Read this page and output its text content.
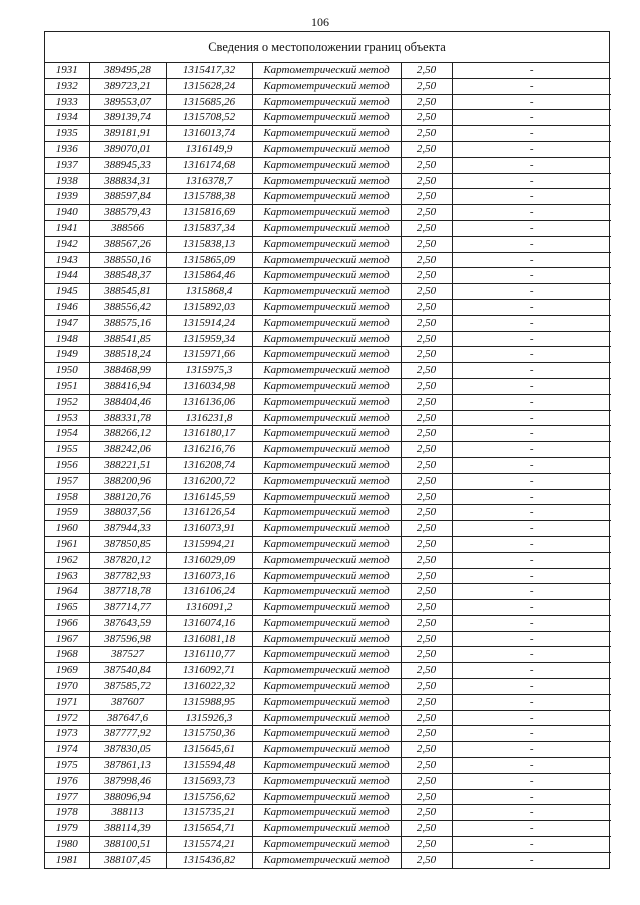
106
Сведения о местоположении границ объекта
1931	389495,28	1315417,32	Картометрический метод	2,50	-
1932	389723,21	1315628,24	Картометрический метод	2,50	-
1933	389553,07	1315685,26	Картометрический метод	2,50	-
1934	389139,74	1315708,52	Картометрический метод	2,50	-
1935	389181,91	1316013,74	Картометрический метод	2,50	-
1936	389070,01	1316149,9	Картометрический метод	2,50	-
1937	388945,33	1316174,68	Картометрический метод	2,50	-
1938	388834,31	1316378,7	Картометрический метод	2,50	-
1939	388597,84	1315788,38	Картометрический метод	2,50	-
1940	388579,43	1315816,69	Картометрический метод	2,50	-
1941	388566	1315837,34	Картометрический метод	2,50	-
1942	388567,26	1315838,13	Картометрический метод	2,50	-
1943	388550,16	1315865,09	Картометрический метод	2,50	-
1944	388548,37	1315864,46	Картометрический метод	2,50	-
1945	388545,81	1315868,4	Картометрический метод	2,50	-
1946	388556,42	1315892,03	Картометрический метод	2,50	-
1947	388575,16	1315914,24	Картометрический метод	2,50	-
1948	388541,85	1315959,34	Картометрический метод	2,50	-
1949	388518,24	1315971,66	Картометрический метод	2,50	-
1950	388468,99	1315975,3	Картометрический метод	2,50	-
1951	388416,94	1316034,98	Картометрический метод	2,50	-
1952	388404,46	1316136,06	Картометрический метод	2,50	-
1953	388331,78	1316231,8	Картометрический метод	2,50	-
1954	388266,12	1316180,17	Картометрический метод	2,50	-
1955	388242,06	1316216,76	Картометрический метод	2,50	-
1956	388221,51	1316208,74	Картометрический метод	2,50	-
1957	388200,96	1316200,72	Картометрический метод	2,50	-
1958	388120,76	1316145,59	Картометрический метод	2,50	-
1959	388037,56	1316126,54	Картометрический метод	2,50	-
1960	387944,33	1316073,91	Картометрический метод	2,50	-
1961	387850,85	1315994,21	Картометрический метод	2,50	-
1962	387820,12	1316029,09	Картометрический метод	2,50	-
1963	387782,93	1316073,16	Картометрический метод	2,50	-
1964	387718,78	1316106,24	Картометрический метод	2,50	-
1965	387714,77	1316091,2	Картометрический метод	2,50	-
1966	387643,59	1316074,16	Картометрический метод	2,50	-
1967	387596,98	1316081,18	Картометрический метод	2,50	-
1968	387527	1316110,77	Картометрический метод	2,50	-
1969	387540,84	1316092,71	Картометрический метод	2,50	-
1970	387585,72	1316022,32	Картометрический метод	2,50	-
1971	387607	1315988,95	Картометрический метод	2,50	-
1972	387647,6	1315926,3	Картометрический метод	2,50	-
1973	387777,92	1315750,36	Картометрический метод	2,50	-
1974	387830,05	1315645,61	Картометрический метод	2,50	-
1975	387861,13	1315594,48	Картометрический метод	2,50	-
1976	387998,46	1315693,73	Картометрический метод	2,50	-
1977	388096,94	1315756,62	Картометрический метод	2,50	-
1978	388113	1315735,21	Картометрический метод	2,50	-
1979	388114,39	1315654,71	Картометрический метод	2,50	-
1980	388100,51	1315574,21	Картометрический метод	2,50	-
1981	388107,45	1315436,82	Картометрический метод	2,50	-
